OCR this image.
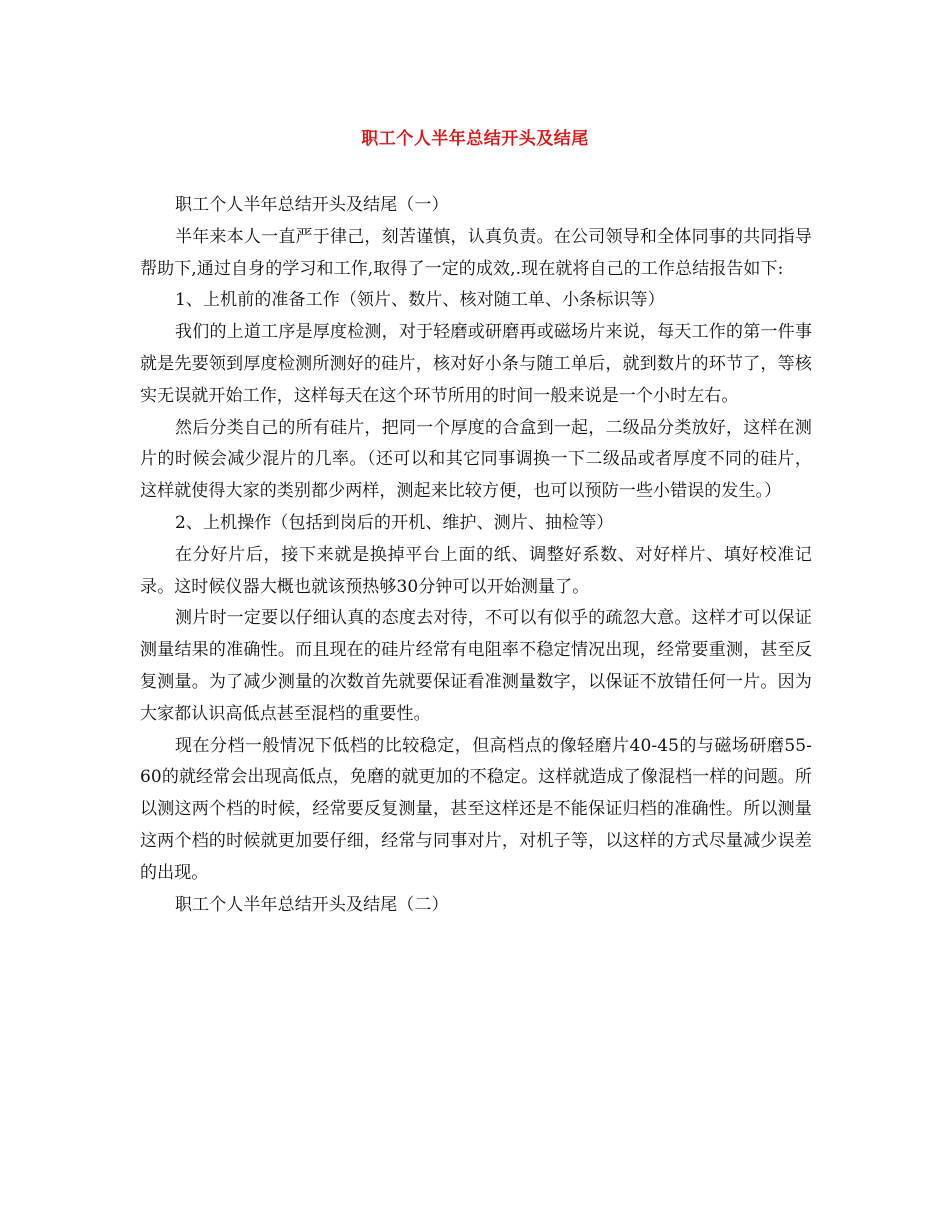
职工个人半年总结开头及结尾

职工个人半年总结开头及结尾（一）

半年来本人一直严于律己，刻苦谨慎，认真负责。在公司领导和全体同事的共同指导帮助下,通过自身的学习和工作,取得了一定的成效,.现在就将自己的工作总结报告如下:

1、上机前的准备工作（领片、数片、核对随工单、小条标识等）

我们的上道工序是厚度检测，对于轻磨或研磨再或磁场片来说，每天工作的第一件事就是先要领到厚度检测所测好的硅片，核对好小条与随工单后，就到数片的环节了，等核实无误就开始工作，这样每天在这个环节所用的时间一般来说是一个小时左右。

然后分类自己的所有硅片，把同一个厚度的合盒到一起，二级品分类放好，这样在测片的时候会减少混片的几率。（还可以和其它同事调换一下二级品或者厚度不同的硅片，这样就使得大家的类别都少两样，测起来比较方便，也可以预防一些小错误的发生。）

2、上机操作（包括到岗后的开机、维护、测片、抽检等）

在分好片后，接下来就是换掉平台上面的纸、调整好系数、对好样片、填好校准记录。这时候仪器大概也就该预热够30分钟可以开始测量了。

测片时一定要以仔细认真的态度去对待，不可以有似乎的疏忽大意。这样才可以保证测量结果的准确性。而且现在的硅片经常有电阻率不稳定情况出现，经常要重测，甚至反复测量。为了减少测量的次数首先就要保证看准测量数字，以保证不放错任何一片。因为大家都认识高低点甚至混档的重要性。

现在分档一般情况下低档的比较稳定，但高档点的像轻磨片40-45的与磁场研磨55-60的就经常会出现高低点，免磨的就更加的不稳定。这样就造成了像混档一样的问题。所以测这两个档的时候，经常要反复测量，甚至这样还是不能保证归档的准确性。所以测量这两个档的时候就更加要仔细，经常与同事对片，对机子等，以这样的方式尽量减少误差的出现。

职工个人半年总结开头及结尾（二）
